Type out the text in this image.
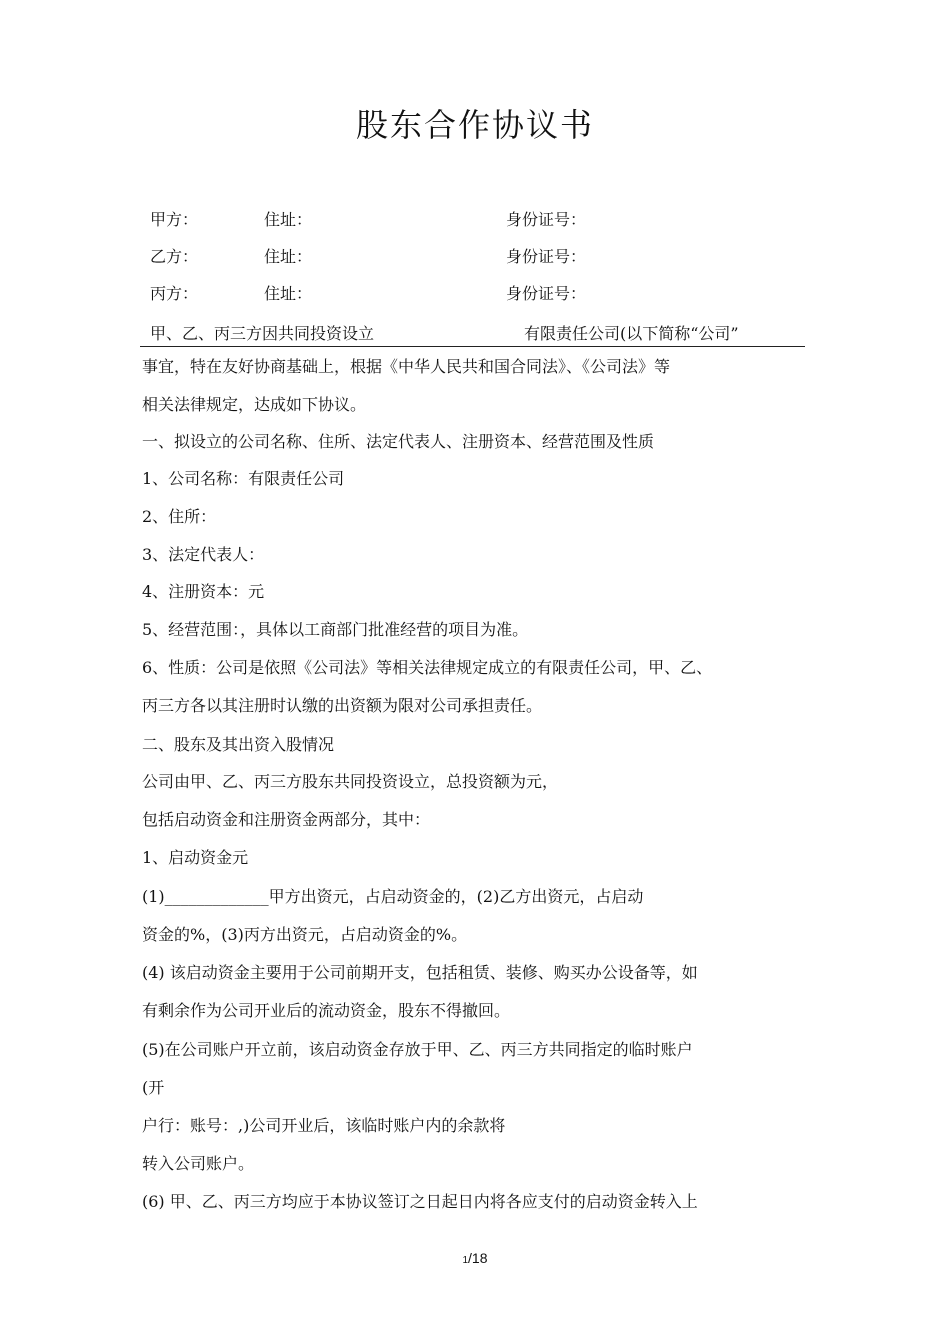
股东合作协议书
甲方：	住址：	身份证号：
乙方：	住址：	身份证号：
丙方：	住址：	身份证号：
甲、乙、丙三方因共同投资设立	有限责任公司(以下简称“公司”
事宜，特在友好协商基础上，根据《中华人民共和国合同法》、《公司法》等
相关法律规定，达成如下协议。
一、拟设立的公司名称、住所、法定代表人、注册资本、经营范围及性质
1、公司名称：有限责任公司
2、住所：
3、法定代表人：
4、注册资本：元
5、经营范围：，具体以工商部门批准经营的项目为准。
6、性质：公司是依照《公司法》等相关法律规定成立的有限责任公司，甲、乙、
丙三方各以其注册时认缴的出资额为限对公司承担责任。
二、股东及其出资入股情况
公司由甲、乙、丙三方股东共同投资设立，总投资额为元，
包括启动资金和注册资金两部分，其中：
1、启动资金元
(1)_____________甲方出资元，占启动资金的，(2)乙方出资元，占启动
资金的%，(3)丙方出资元，占启动资金的%。
(4) 该启动资金主要用于公司前期开支，包括租赁、装修、购买办公设备等，如
有剩余作为公司开业后的流动资金，股东不得撤回。
(5)在公司账户开立前，该启动资金存放于甲、乙、丙三方共同指定的临时账户
(开
户行：账号：,)公司开业后，该临时账户内的余款将
转入公司账户。
(6) 甲、乙、丙三方均应于本协议签订之日起日内将各应支付的启动资金转入上
1/18
